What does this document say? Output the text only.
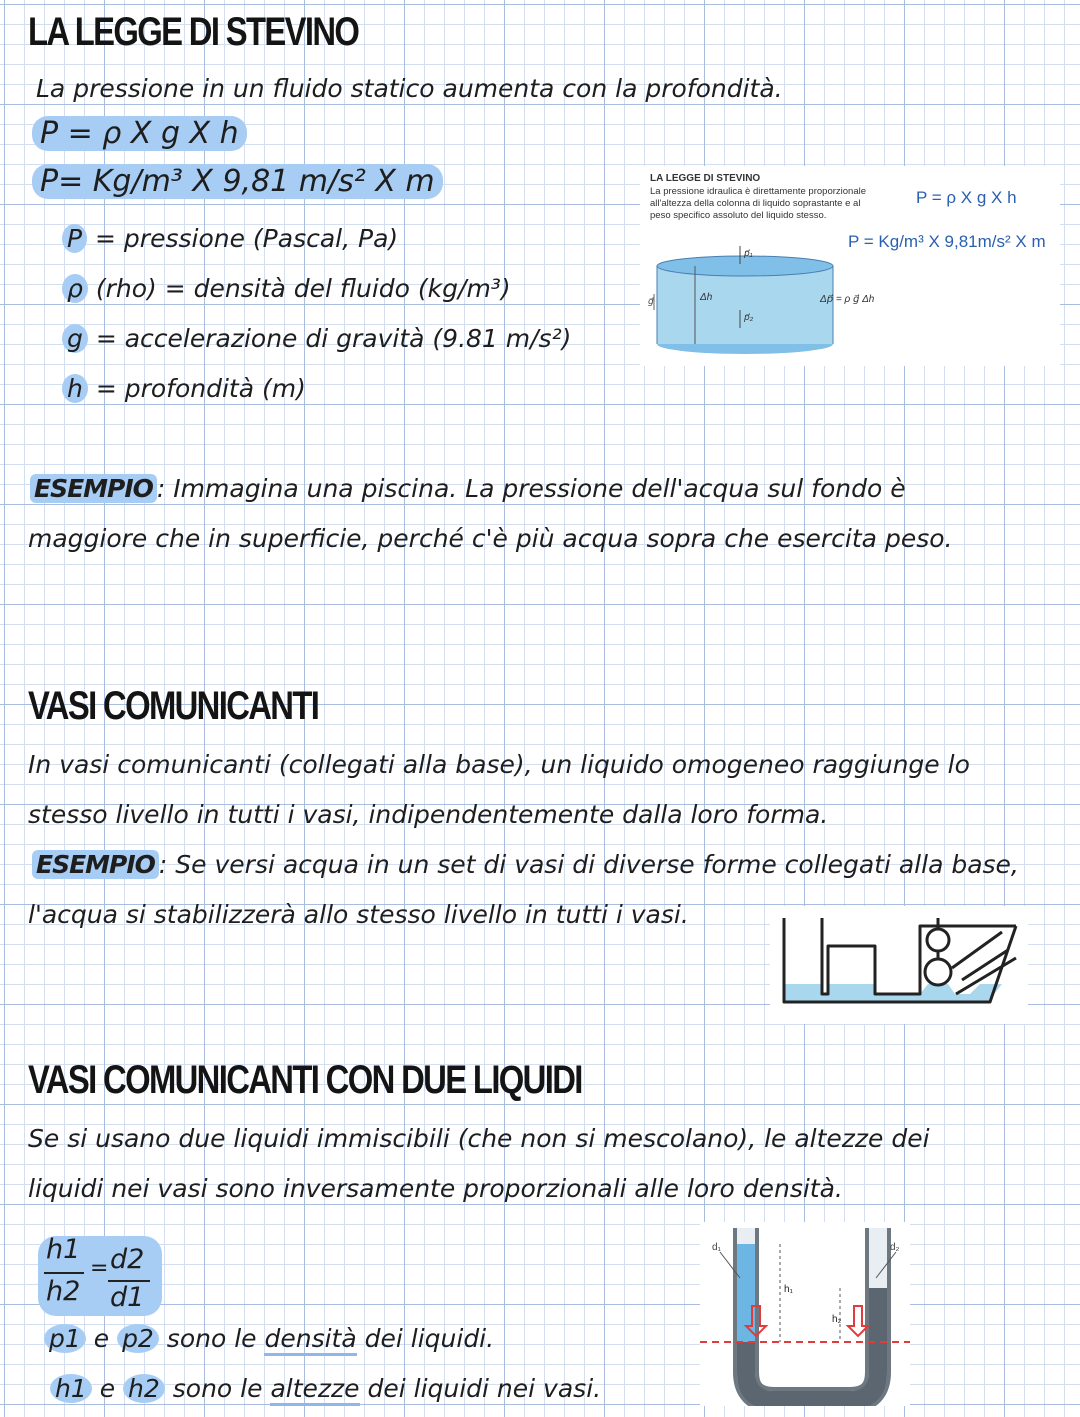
LA LEGGE DI STEVINO
La pressione in un fluido statico aumenta con la profondità.
P = ρ X g X h
P= Kg/m³ X 9,81 m/s² X m
P = pressione (Pascal, Pa)
ρ (rho) = densità del fluido (kg/m³)
g = accelerazione di gravità (9.81 m/s²)
h = profondità (m)
LA LEGGE DI STEVINO
La pressione idraulica è direttamente proporzionale
all'altezza della colonna di liquido soprastante e al
peso specifico assoluto del liquido stesso.
P = ρ X g X h
P = Kg/m³ X 9,81m/s² X m
g⃗	Δh
p⃗₁
p⃗₂
Δp⃗ = ρ g⃗ Δh
ESEMPIO : Immagina una piscina. La pressione dell'acqua sul fondo è
maggiore che in superficie, perché c'è più acqua sopra che esercita peso.
VASI COMUNICANTI
In vasi comunicanti (collegati alla base), un liquido omogeneo raggiunge lo
stesso livello in tutti i vasi, indipendentemente dalla loro forma.
ESEMPIO : Se versi acqua in un set di vasi di diverse forme collegati alla base,
l'acqua si stabilizzerà allo stesso livello in tutti i vasi.
VASI COMUNICANTI CON DUE LIQUIDI
Se si usano due liquidi immiscibili (che non si mescolano), le altezze dei
liquidi nei vasi sono inversamente proporzionali alle loro densità.
h1
h2
= d2
d1
p1 e p2 sono le densità dei liquidi.
h1 e h2 sono le altezze dei liquidi nei vasi.
d₁	d₂
h₁
h₂
